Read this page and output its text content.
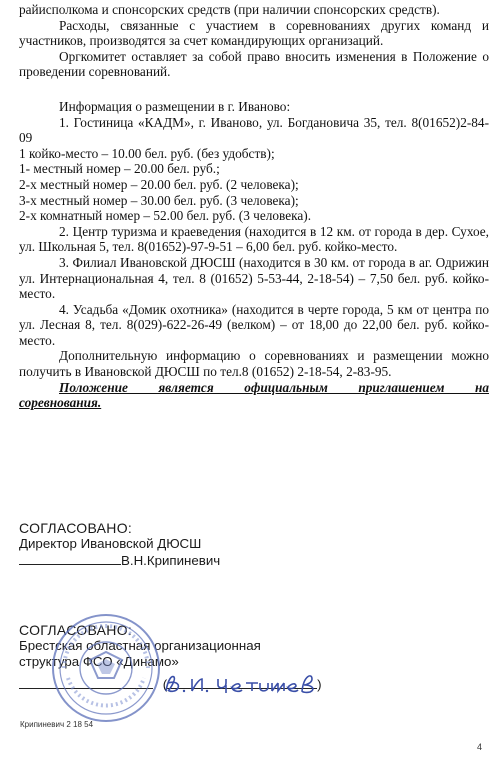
райисполкома и спонсорских средств (при наличии спонсорских средств).

Расходы, связанные с участием в соревнованиях других команд и участников, производятся за счет командирующих организаций.

Оргкомитет оставляет за собой право вносить изменения в Положение о проведении соревнований.

Информация о размещении в г. Иваново:

1. Гостиница «КАДМ», г. Иваново, ул. Богдановича 35, тел. 8(01652)2-84-09

1 койко-место – 10.00 бел. руб. (без удобств);
1- местный номер – 20.00 бел. руб.;
2-х местный номер – 20.00 бел. руб. (2 человека);
3-х местный номер – 30.00 бел. руб. (3 человека);
2-х комнатный номер – 52.00 бел. руб. (3 человека).

2. Центр туризма и краеведения (находится в 12 км. от города в дер. Сухое, ул. Школьная 5, тел. 8(01652)-97-9-51 – 6,00 бел. руб. койко-место.

3. Филиал Ивановской ДЮСШ (находится в 30 км. от города в аг. Одрижин ул. Интернациональная 4, тел. 8 (01652) 5-53-44, 2-18-54) – 7,50 бел. руб. койко-место.

4. Усадьба «Домик охотника» (находится в черте города, 5 км от центра по ул. Лесная 8, тел. 8(029)-622-26-49 (велком) – от 18,00 до 22,00 бел. руб. койко-место.

Дополнительную информацию о соревнованиях и размещении можно получить в Ивановской ДЮСШ по тел.8 (01652) 2-18-54, 2-83-95.

Положение является официальным приглашением на

соревнования.

СОГЛАСОВАНО:
Директор Ивановской ДЮСШ
В.Н.Крипиневич
СОГЛАСОВАНО:
Брестская областная организационная
структура ФСО «Динамо»
(	)
Крипиневич 2 18 54
4
